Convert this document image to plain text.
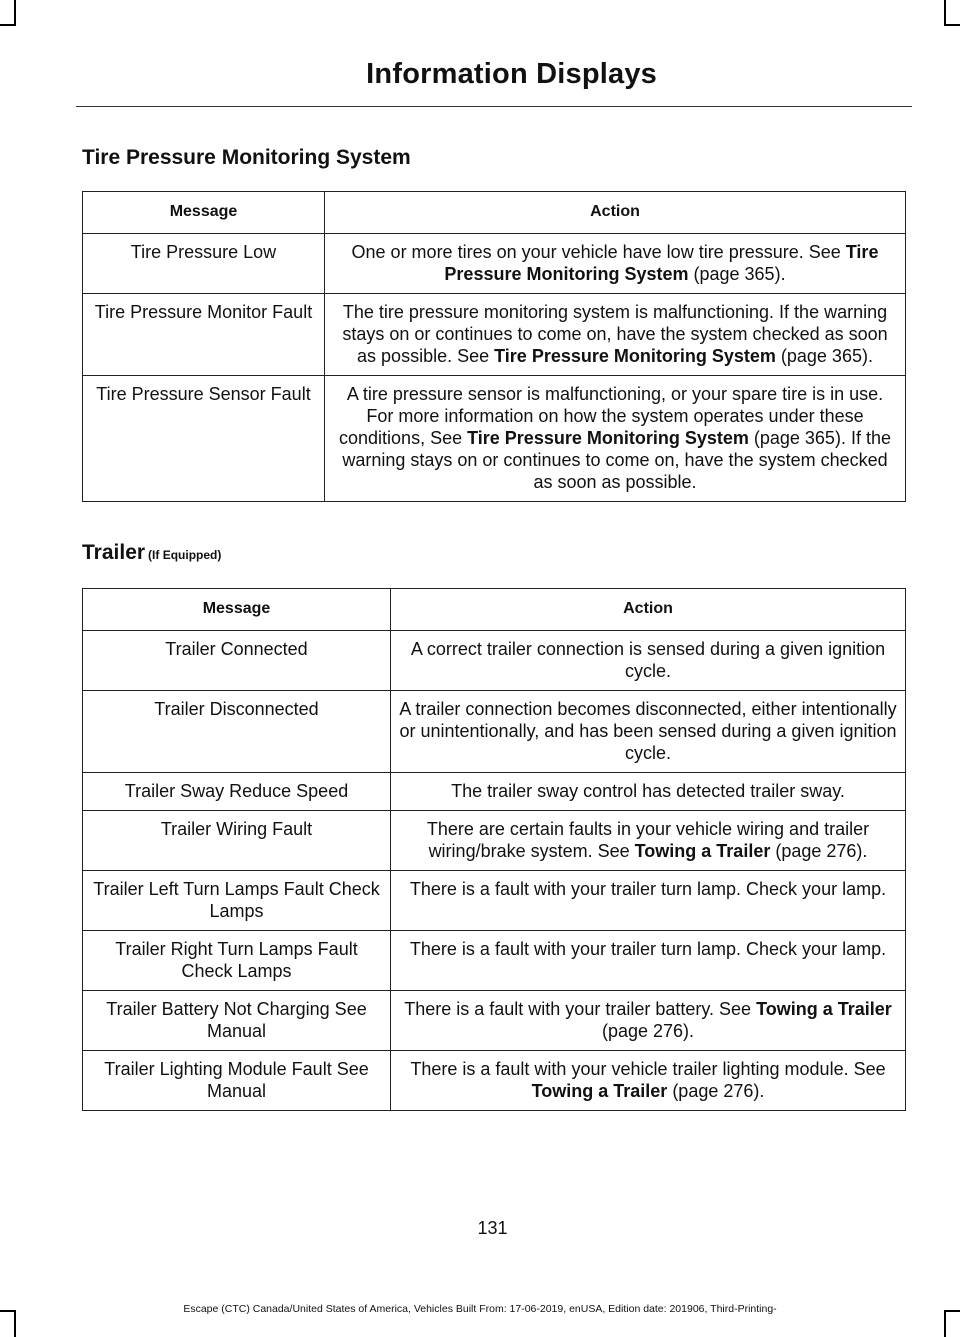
Information Displays
Tire Pressure Monitoring System
Message	Action
Tire Pressure Low	One or more tires on your vehicle have low tire pressure. See Tire Pressure Monitoring System (page 365).
Tire Pressure Monitor Fault	The tire pressure monitoring system is malfunctioning. If the warning stays on or continues to come on, have the system checked as soon as possible. See Tire Pressure Monitoring System (page 365).
Tire Pressure Sensor Fault	A tire pressure sensor is malfunctioning, or your spare tire is in use. For more information on how the system operates under these conditions, See Tire Pressure Monitoring System (page 365). If the warning stays on or continues to come on, have the system checked as soon as possible.
Trailer (If Equipped)
Message	Action
Trailer Connected	A correct trailer connection is sensed during a given ignition cycle.
Trailer Disconnected	A trailer connection becomes disconnected, either intentionally or unintentionally, and has been sensed during a given ignition cycle.
Trailer Sway Reduce Speed	The trailer sway control has detected trailer sway.
Trailer Wiring Fault	There are certain faults in your vehicle wiring and trailer wiring/brake system. See Towing a Trailer (page 276).
Trailer Left Turn Lamps Fault Check Lamps	There is a fault with your trailer turn lamp. Check your lamp.
Trailer Right Turn Lamps Fault Check Lamps	There is a fault with your trailer turn lamp. Check your lamp.
Trailer Battery Not Charging See Manual	There is a fault with your trailer battery. See Towing a Trailer (page 276).
Trailer Lighting Module Fault See Manual	There is a fault with your vehicle trailer lighting module. See Towing a Trailer (page 276).
131
Escape (CTC) Canada/United States of America, Vehicles Built From: 17-06-2019, enUSA, Edition date: 201906, Third-Printing-
